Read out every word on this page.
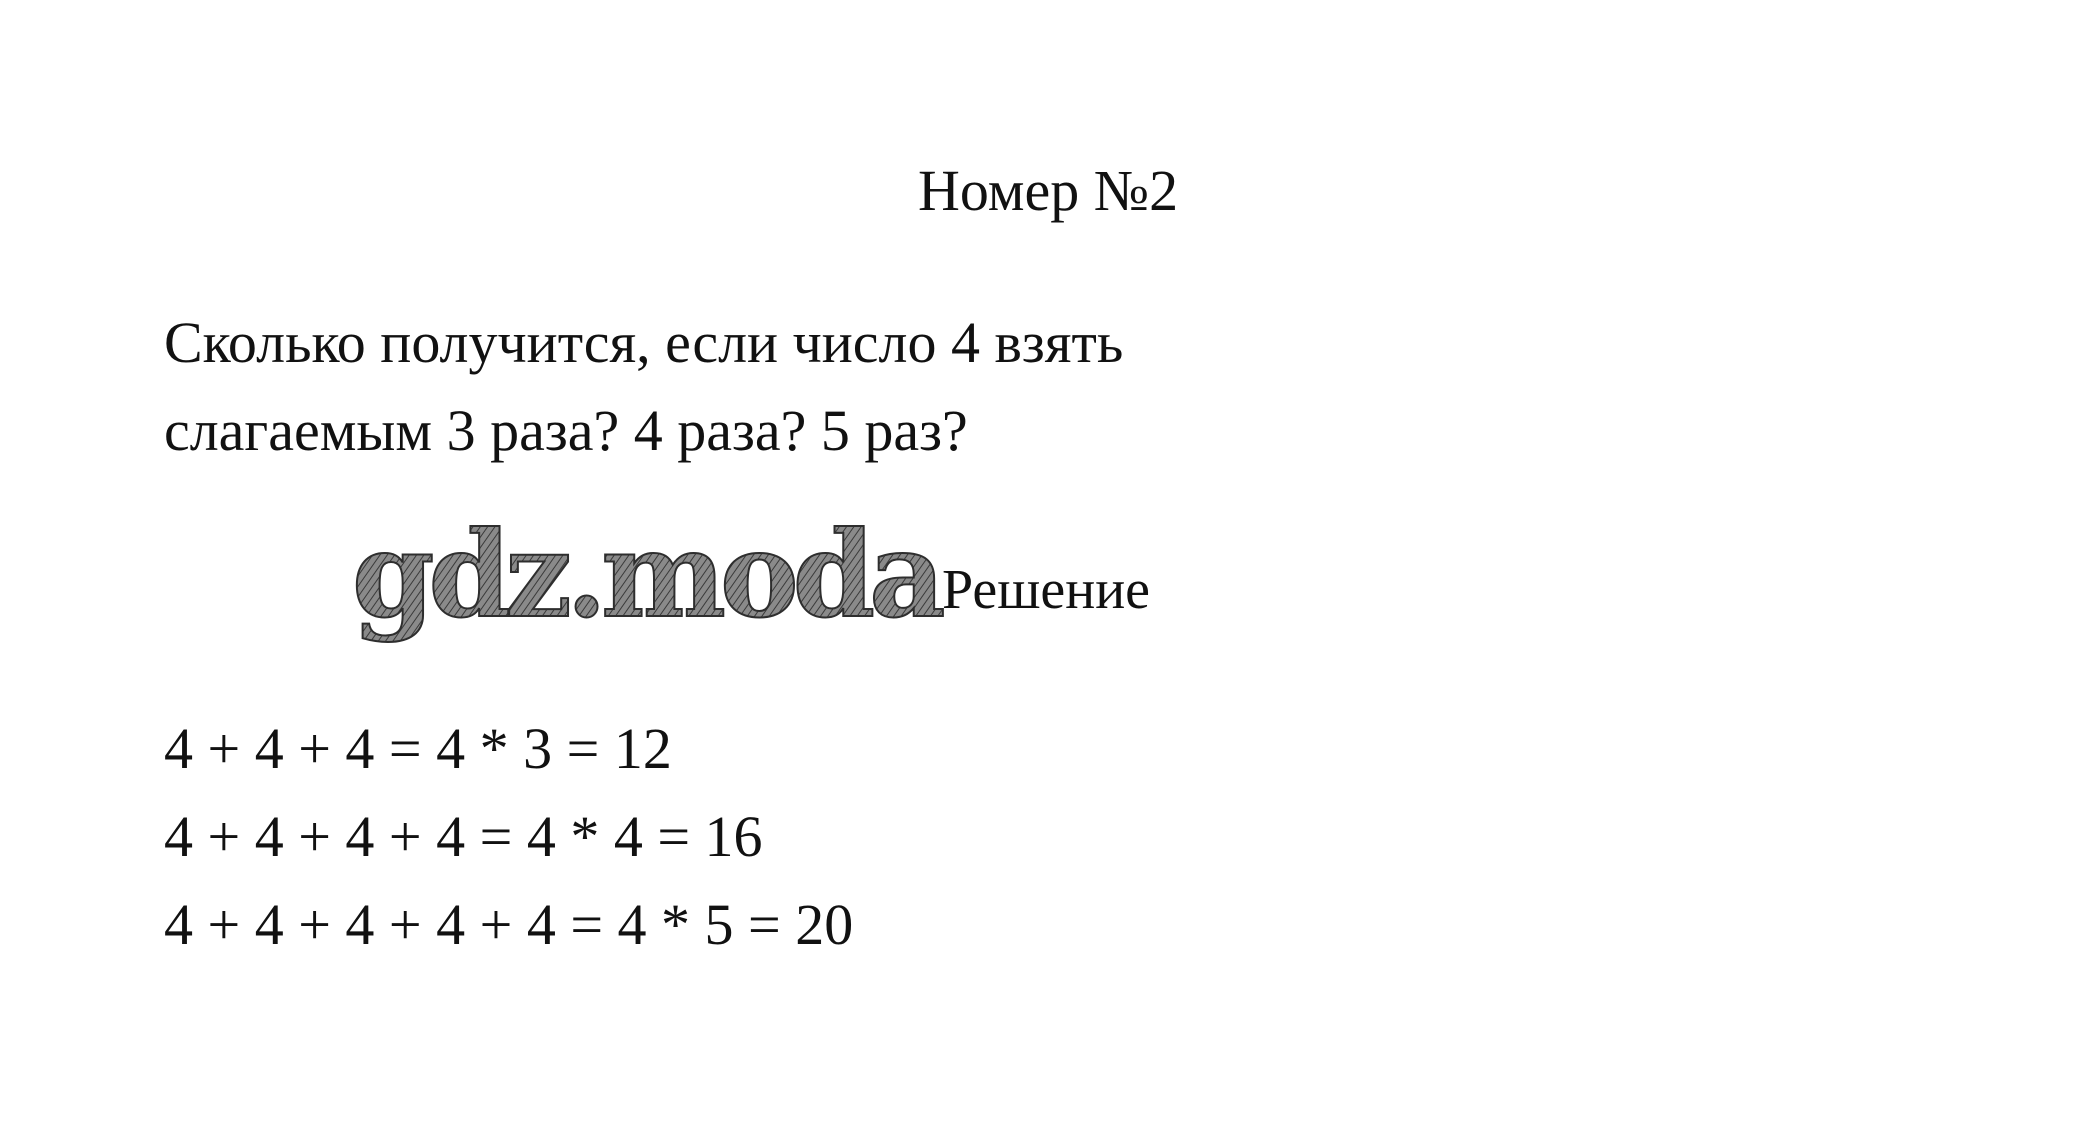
Номер №2
Сколько получится, если число 4 взять
слагаемым 3 раза? 4 раза? 5 раз?
gdz.moda Решение
4 + 4 + 4 = 4 * 3 = 12
4 + 4 + 4 + 4 = 4 * 4 = 16
4 + 4 + 4 + 4 + 4 = 4 * 5 = 20
